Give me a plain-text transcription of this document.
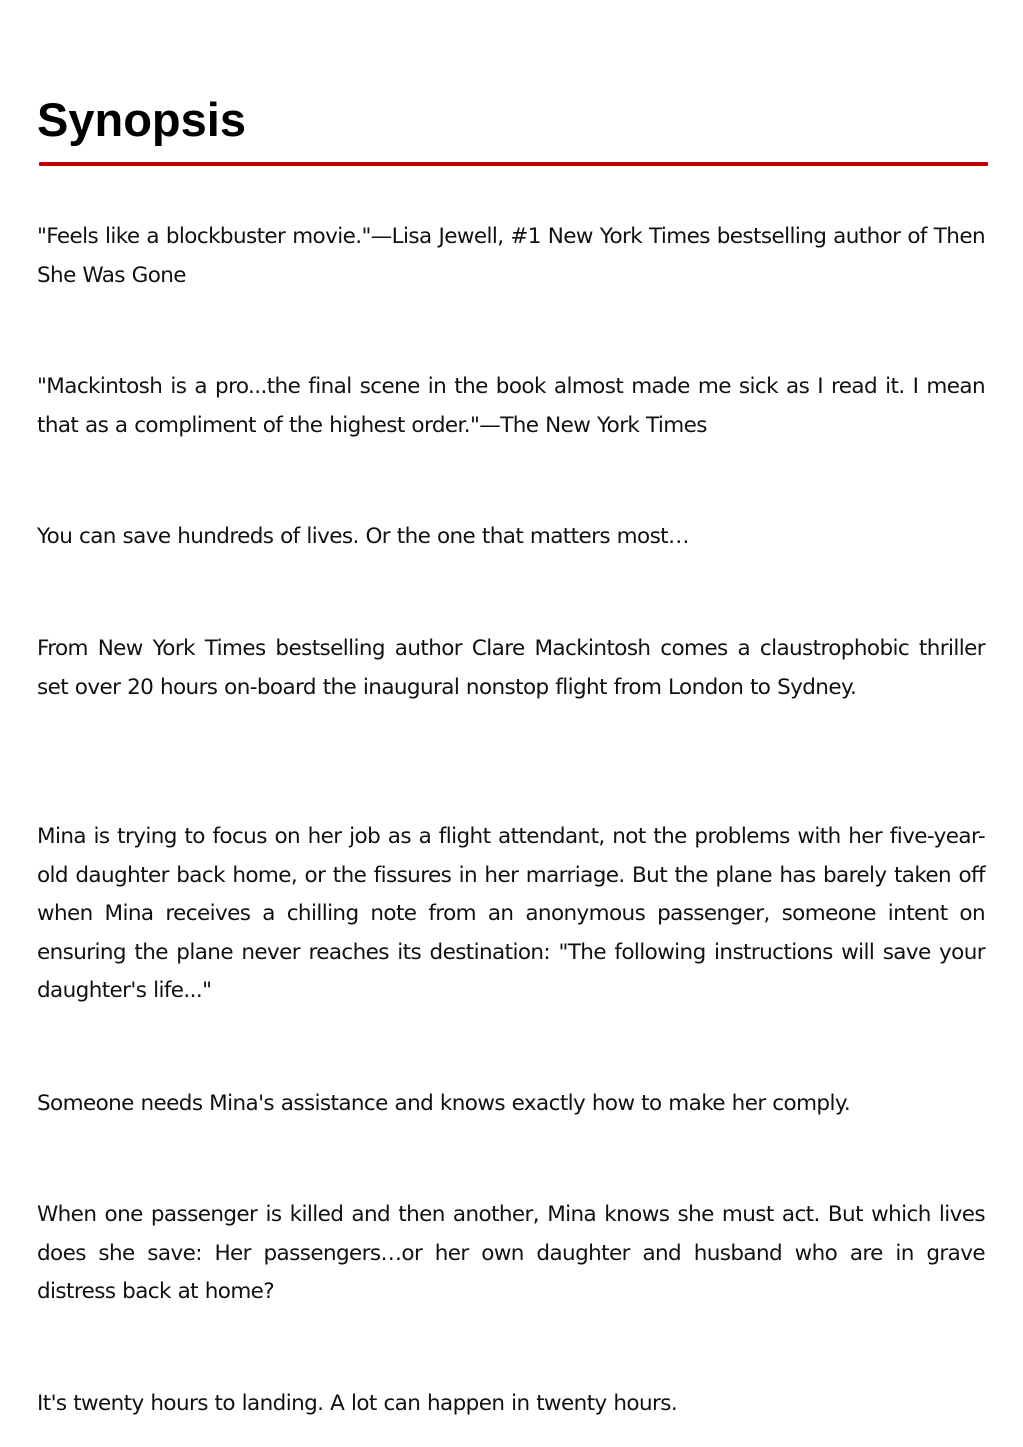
Synopsis

"Feels like a blockbuster movie."—Lisa Jewell, #1 New York Times bestselling author of Then She Was Gone

"Mackintosh is a pro...the final scene in the book almost made me sick as I read it. I mean that as a compliment of the highest order."—The New York Times

You can save hundreds of lives. Or the one that matters most…

From New York Times bestselling author Clare Mackintosh comes a claustrophobic thriller set over 20 hours on-board the inaugural nonstop flight from London to Sydney.

Mina is trying to focus on her job as a flight attendant, not the problems with her five-year-old daughter back home, or the fissures in her marriage. But the plane has barely taken off when Mina receives a chilling note from an anonymous passenger, someone intent on ensuring the plane never reaches its destination: "The following instructions will save your daughter's life..."

Someone needs Mina's assistance and knows exactly how to make her comply.

When one passenger is killed and then another, Mina knows she must act. But which lives does she save: Her passengers…or her own daughter and husband who are in grave distress back at home?

It's twenty hours to landing. A lot can happen in twenty hours.
